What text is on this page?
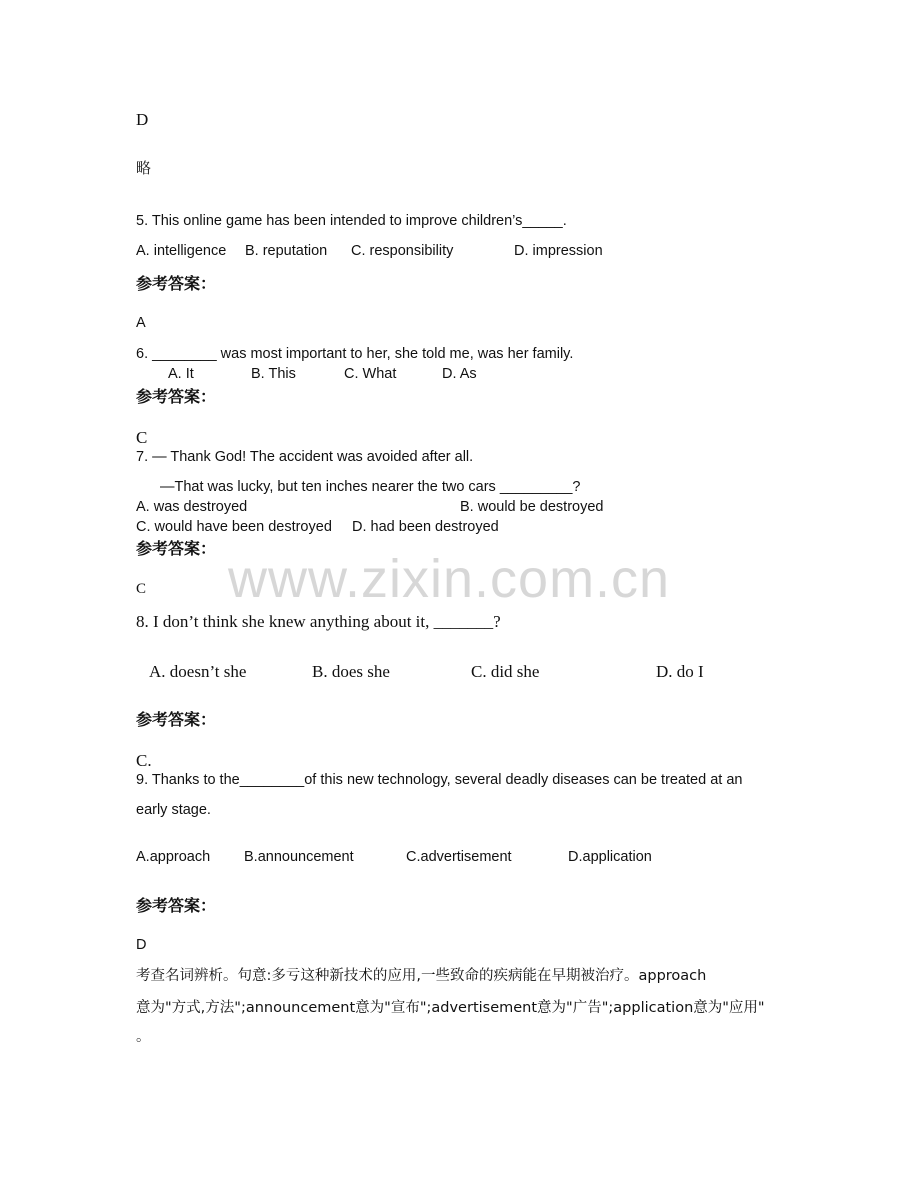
D
略
5. This online game has been intended to improve children’s_____.
A. intelligence B. reputation C. responsibility	D. impression
参考答案：
A
6. ________ was most important to her, she told me, was her family.
A. It	B. This	C. What	D. As
参考答案：
C
7. — Thank God! The accident was avoided after all.
—That was lucky, but ten inches nearer the two cars _________?
A. was destroyed	B. would be destroyed
C. would have been destroyed D. had been destroyed
参考答案：
C
8. I don’t think she knew anything about it, _______?
A. doesn’t she	B. does she	C. did she	D. do I
参考答案：
C.
9. Thanks to the________of this new technology, several deadly diseases can be treated at an
early stage.
A.approach B.announcement	C.advertisement	D.application
参考答案：
D
考查名词辨析。句意:多亏这种新技术的应用,一些致命的疾病能在早期被治疗。approach
意为"方式,方法";announcement意为"宣布";advertisement意为"广告";application意为"应用"
。
www.zixin.com.cn
